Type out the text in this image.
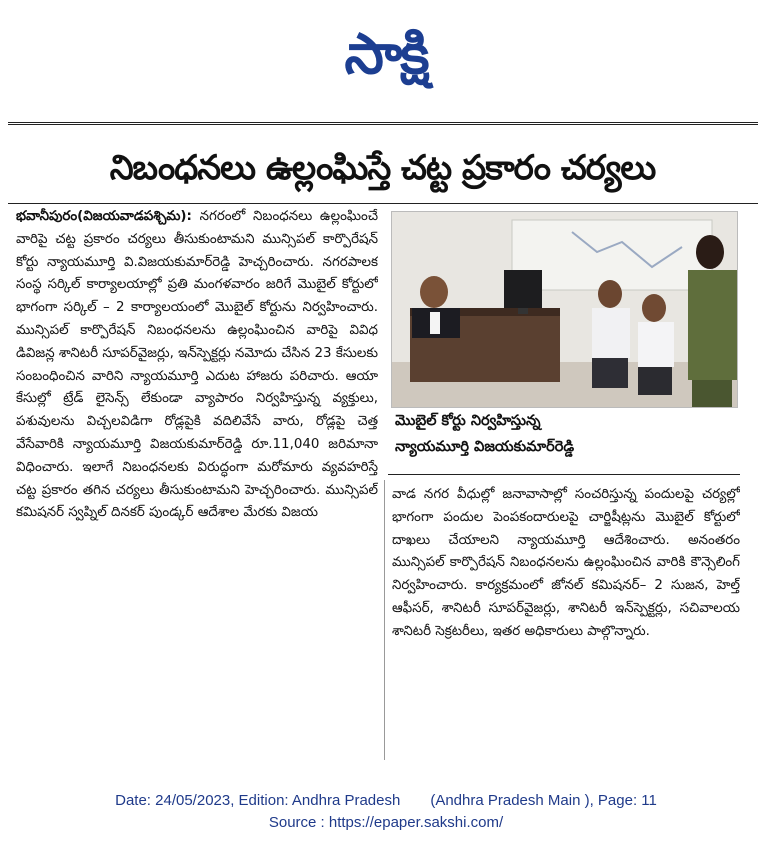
సాక్షి
నిబంధనలు ఉల్లంఘిస్తే చట్ట ప్రకారం చర్యలు
భవానీపురం(విజయవాడపశ్చిమ): నగరంలో నిబంధనలు ఉల్లంఘించే వారిపై చట్ట ప్రకారం చర్యలు తీసుకుంటామని మున్సిపల్ కార్పొరేషన్ కోర్టు న్యాయమూర్తి వి.విజయకుమార్‌రెడ్డి హెచ్చరించారు. నగరపాలక సంస్థ సర్కిల్ కార్యాలయాల్లో ప్రతి మంగళవారం జరిగే మొబైల్ కోర్టులో భాగంగా సర్కిల్ – 2 కార్యాలయంలో మొబైల్ కోర్టును నిర్వహించారు. మున్సిపల్ కార్పొరేషన్ నిబంధనలను ఉల్లంఘించిన వారిపై వివిధ డివిజన్ల శానిటరీ సూపర్‌వైజర్లు, ఇన్‌స్పెక్టర్లు నమోదు చేసిన 23 కేసులకు సంబంధించిన వారిని న్యాయమూర్తి ఎదుట హాజరు పరిచారు. ఆయా కేసుల్లో ట్రేడ్ లైసెన్స్ లేకుండా వ్యాపారం నిర్వహిస్తున్న వ్యక్తులు, పశువులను విచ్చలవిడిగా రోడ్లపైకి వదిలివేసే వారు, రోడ్లపై చెత్త వేసేవారికి న్యాయమూర్తి విజయకుమార్‌రెడ్డి రూ.11,040 జరిమానా విధించారు. ఇలాగే నిబంధనలకు విరుద్ధంగా మరోమారు వ్యవహరిస్తే చట్ట ప్రకారం తగిన చర్యలు తీసుకుంటామని హెచ్చరించారు. మున్సిపల్ కమిషనర్ స్వప్నిల్ దినకర్ పుండ్కర్ ఆదేశాల మేరకు విజయ
మొబైల్ కోర్టు నిర్వహిస్తున్న
న్యాయమూర్తి విజయకుమార్‌రెడ్డి
వాడ నగర వీధుల్లో జనావాసాల్లో సంచరిస్తున్న పందులపై చర్యల్లో భాగంగా పందుల పెంపకందారులపై చార్జిషీట్లను మొబైల్ కోర్టులో దాఖలు చేయాలని న్యాయమూర్తి ఆదేశించారు. అనంతరం మున్సిపల్ కార్పొరేషన్ నిబంధనలను ఉల్లంఘించిన వారికి కౌన్సెలింగ్ నిర్వహించారు. కార్యక్రమంలో జోనల్ కమిషనర్– 2 సుజన, హెల్త్ ఆఫీసర్, శానిటరీ సూపర్‌వైజర్లు, శానిటరీ ఇన్‌స్పెక్టర్లు, సచివాలయ శానిటరీ సెక్రటరీలు, ఇతర అధికారులు పాల్గొన్నారు.
Date: 24/05/2023, Edition: Andhra Pradesh (Andhra Pradesh Main ), Page: 11
Source : https://epaper.sakshi.com/
